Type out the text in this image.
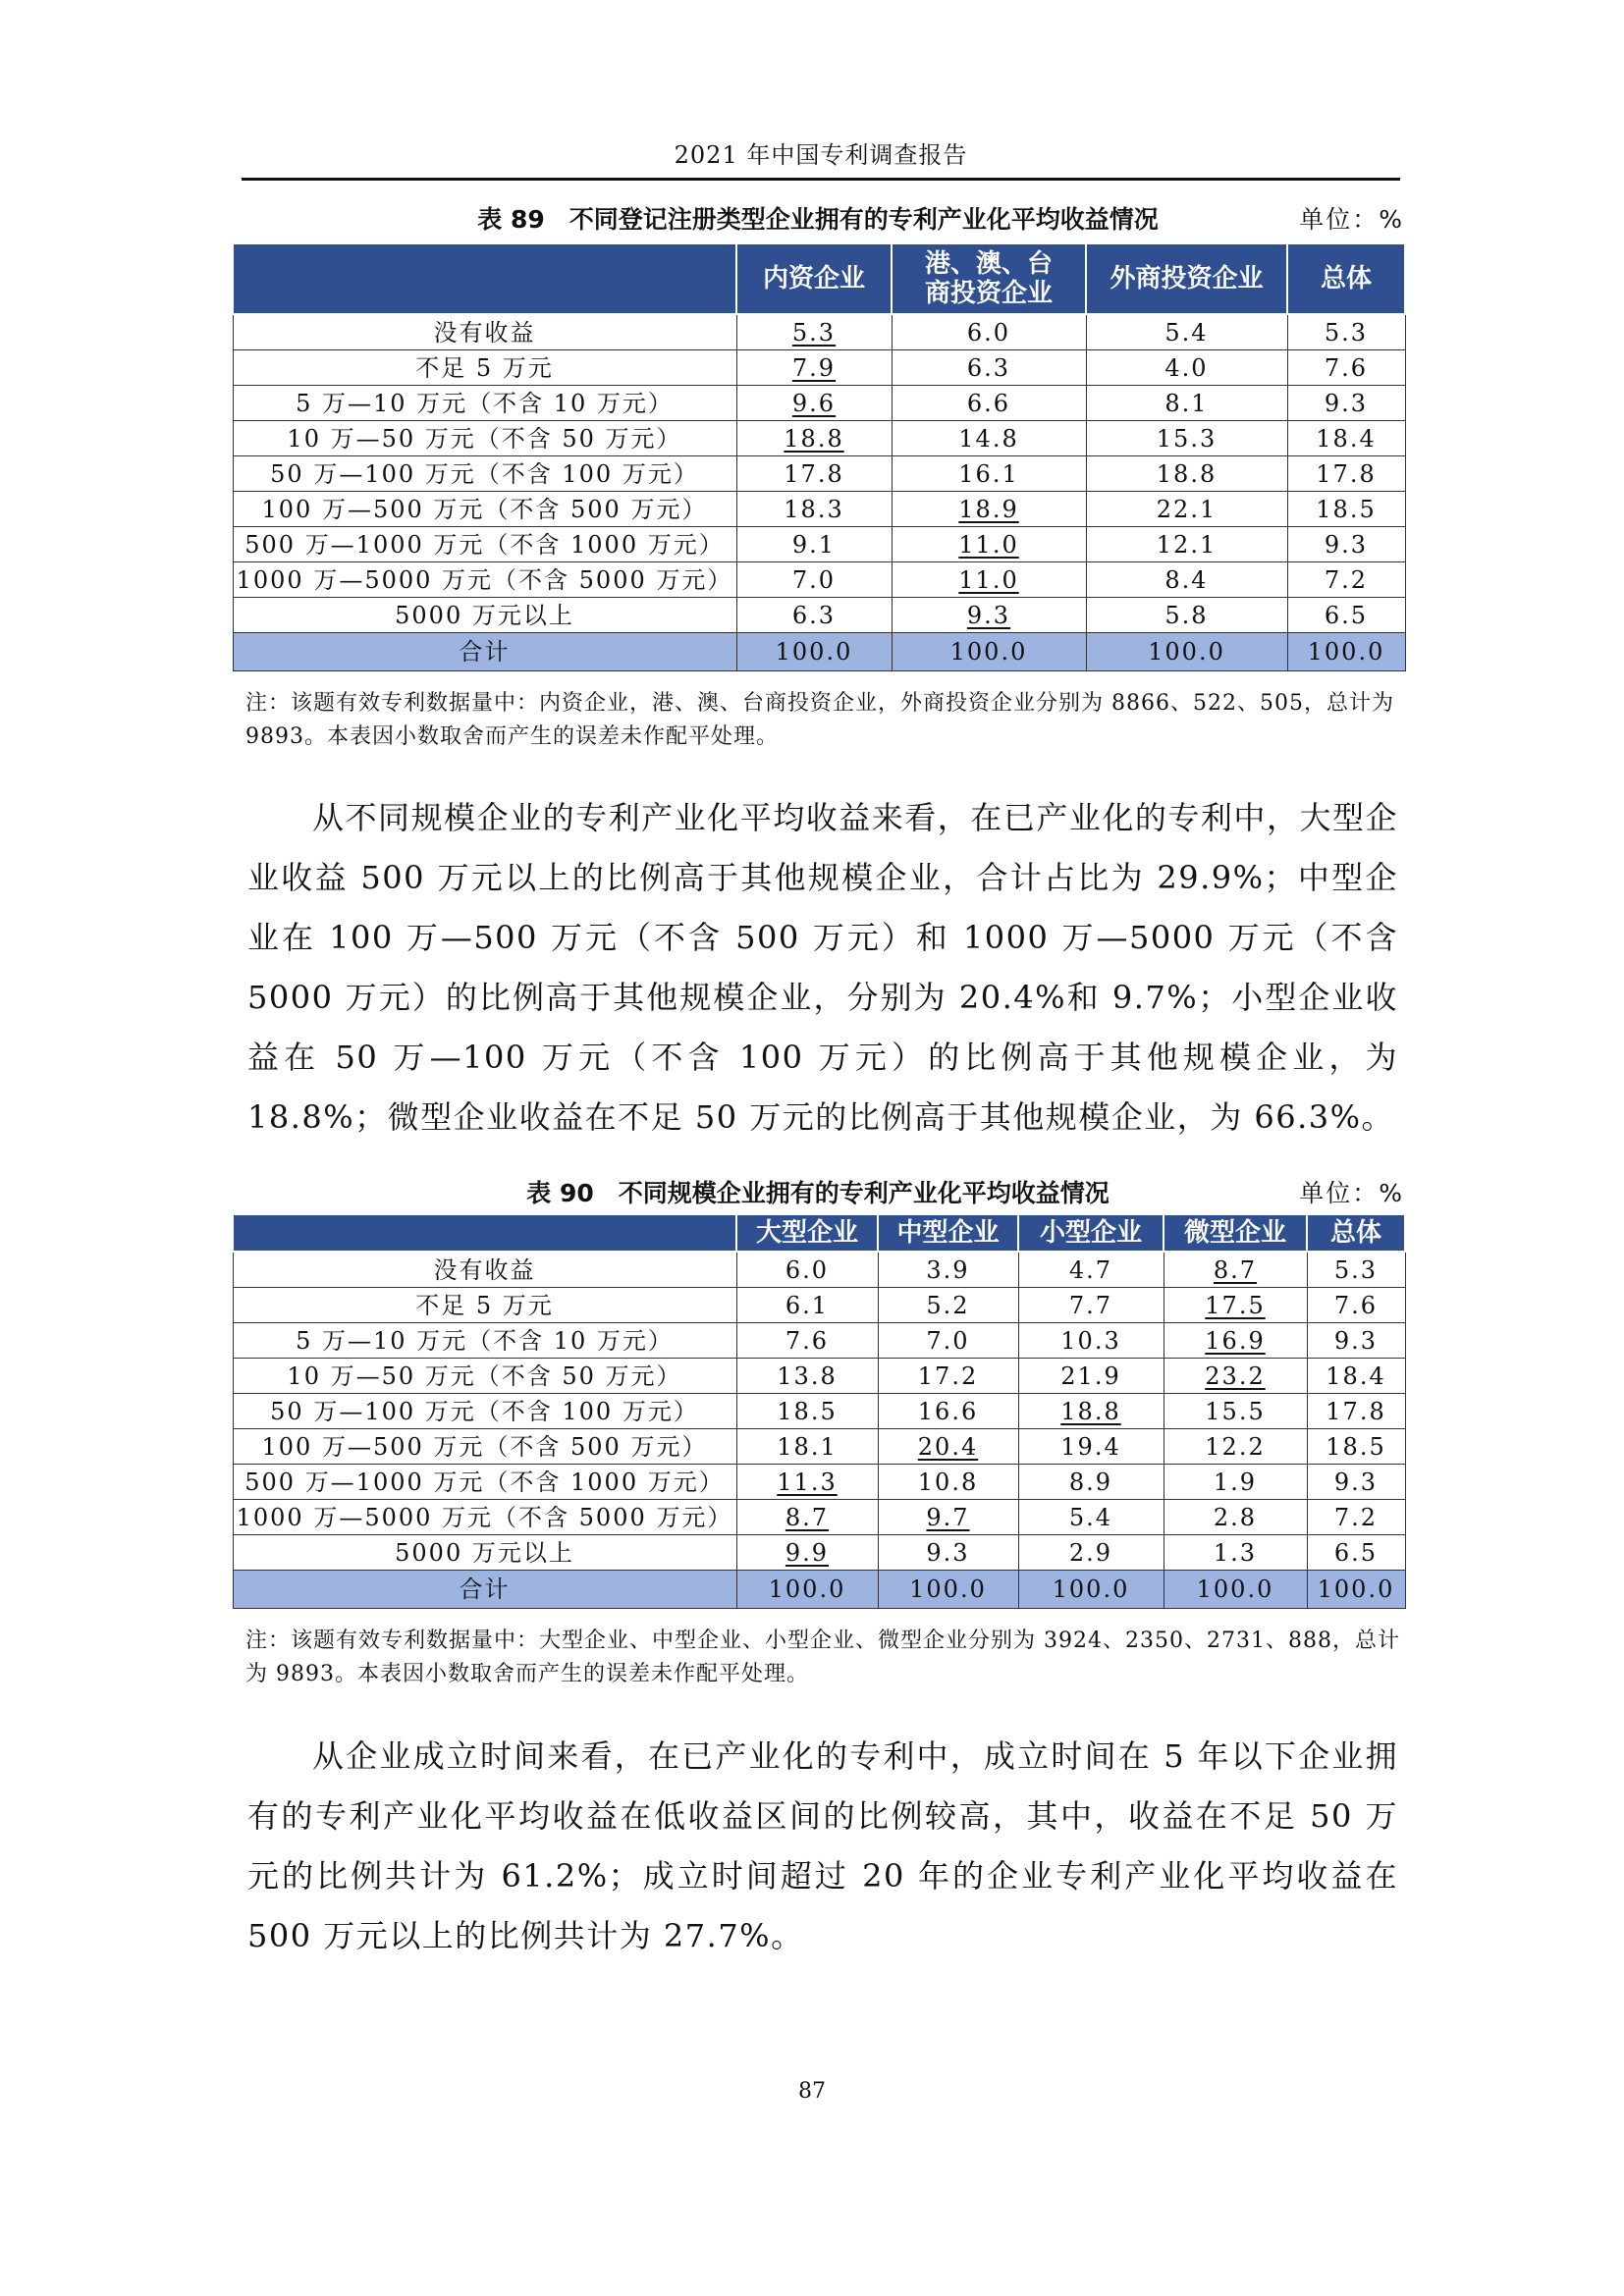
2021 年中国专利调查报告
表 89　不同登记注册类型企业拥有的专利产业化平均收益情况	单位：%
	内资企业	港、澳、台
商投资企业	外商投资企业	总体
没有收益	5.3	6.0	5.4	5.3
不足 5 万元	7.9	6.3	4.0	7.6
5 万—10 万元（不含 10 万元）	9.6	6.6	8.1	9.3
10 万—50 万元（不含 50 万元）	18.8	14.8	15.3	18.4
50 万—100 万元（不含 100 万元）	17.8	16.1	18.8	17.8
100 万—500 万元（不含 500 万元）	18.3	18.9	22.1	18.5
500 万—1000 万元（不含 1000 万元）	9.1	11.0	12.1	9.3
1000 万—5000 万元（不含 5000 万元）	7.0	11.0	8.4	7.2
5000 万元以上	6.3	9.3	5.8	6.5
合计	100.0	100.0	100.0	100.0
注：该题有效专利数据量中：内资企业，港、澳、台商投资企业，外商投资企业分别为 8866、522、505，总计为 9893。本表因小数取舍而产生的误差未作配平处理。
从不同规模企业的专利产业化平均收益来看，在已产业化的专利中，大型企业收益 500 万元以上的比例高于其他规模企业，合计占比为 29.9%；中型企业在 100 万—500 万元（不含 500 万元）和 1000 万—5000 万元（不含 5000 万元）的比例高于其他规模企业，分别为 20.4%和 9.7%；小型企业收益在 50 万—100 万元（不含 100 万元）的比例高于其他规模企业，为 18.8%；微型企业收益在不足 50 万元的比例高于其他规模企业，为 66.3%。
表 90　不同规模企业拥有的专利产业化平均收益情况	单位：%
	大型企业	中型企业	小型企业	微型企业	总体
没有收益	6.0	3.9	4.7	8.7	5.3
不足 5 万元	6.1	5.2	7.7	17.5	7.6
5 万—10 万元（不含 10 万元）	7.6	7.0	10.3	16.9	9.3
10 万—50 万元（不含 50 万元）	13.8	17.2	21.9	23.2	18.4
50 万—100 万元（不含 100 万元）	18.5	16.6	18.8	15.5	17.8
100 万—500 万元（不含 500 万元）	18.1	20.4	19.4	12.2	18.5
500 万—1000 万元（不含 1000 万元）	11.3	10.8	8.9	1.9	9.3
1000 万—5000 万元（不含 5000 万元）	8.7	9.7	5.4	2.8	7.2
5000 万元以上	9.9	9.3	2.9	1.3	6.5
合计	100.0	100.0	100.0	100.0	100.0
注：该题有效专利数据量中：大型企业、中型企业、小型企业、微型企业分别为 3924、2350、2731、888，总计为 9893。本表因小数取舍而产生的误差未作配平处理。
从企业成立时间来看，在已产业化的专利中，成立时间在 5 年以下企业拥有的专利产业化平均收益在低收益区间的比例较高，其中，收益在不足 50 万元的比例共计为 61.2%；成立时间超过 20 年的企业专利产业化平均收益在 500 万元以上的比例共计为 27.7%。
87
